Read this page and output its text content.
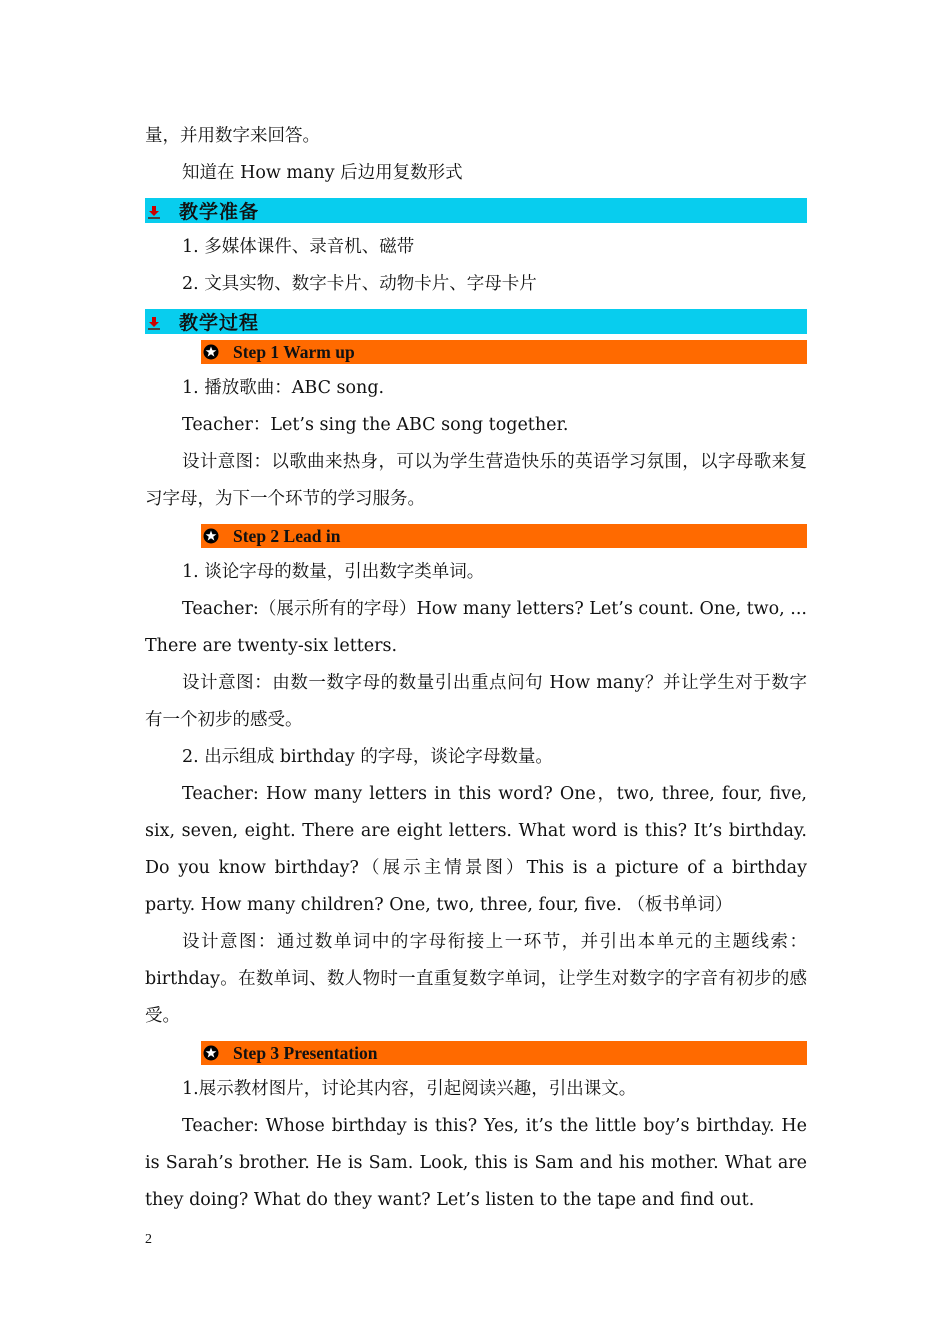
量，并用数字来回答。

知道在 How many 后边用复数形式

教学准备

1. 多媒体课件、录音机、磁带

2. 文具实物、数字卡片、动物卡片、字母卡片

教学过程
Step 1 Warm up

1. 播放歌曲：ABC song.

Teacher：Let’s sing the ABC song together.

设计意图：以歌曲来热身，可以为学生营造快乐的英语学习氛围，以字母歌来复习字母，为下一个环节的学习服务。

Step 2 Lead in

1. 谈论字母的数量，引出数字类单词。

Teacher:（展示所有的字母）How many letters? Let’s count. One, two, ... There are twenty-six letters.

设计意图：由数一数字母的数量引出重点问句 How many？并让学生对于数字有一个初步的感受。

2. 出示组成 birthday 的字母，谈论字母数量。

Teacher: How many letters in this word? One，two, three, four, five, six, seven, eight. There are eight letters. What word is this? It’s birthday. Do you know birthday?（展示主情景图）This is a picture of a birthday party. How many children? One, two, three, four, five. （板书单词）

设计意图：通过数单词中的字母衔接上一环节，并引出本单元的主题线索：birthday。在数单词、数人物时一直重复数字单词，让学生对数字的字音有初步的感受。

Step 3 Presentation

1.展示教材图片，讨论其内容，引起阅读兴趣，引出课文。

Teacher: Whose birthday is this? Yes, it’s the little boy’s birthday. He is Sarah’s brother. He is Sam. Look, this is Sam and his mother. What are they doing? What do they want? Let’s listen to the tape and find out.

2
